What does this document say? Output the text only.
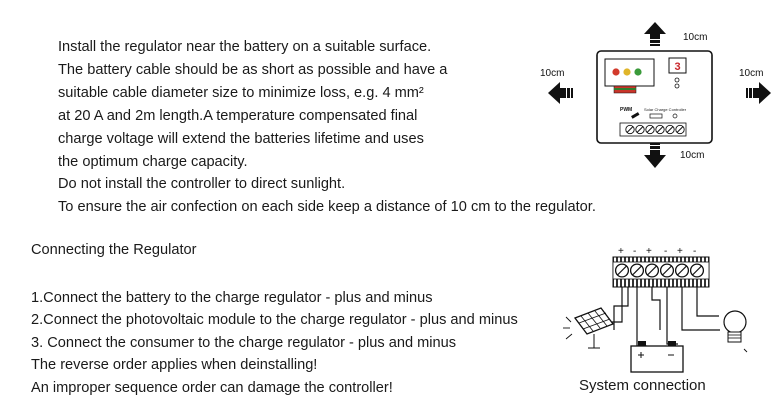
Install the regulator near the battery on a suitable surface.
The battery cable should be as short as possible and have a
suitable cable diameter size to minimize loss, e.g. 4 mm²
at 20 A and 2m length.A temperature compensated final
charge voltage will extend the batteries lifetime and uses
the optimum charge capacity.
Do not install the controller to direct sunlight.
To ensure the air confection on each side keep a distance of 10 cm to the regulator.
Connecting the Regulator
1.Connect the battery to the charge regulator - plus and minus
2.Connect the photovoltaic module to the charge regulator - plus and minus
3. Connect the consumer to the charge regulator - plus and minus
The reverse order applies when deinstalling!
An improper sequence order can damage the controller!
10cm
10cm	10cm
10cm
3
PWM	Solar Charge Controller
+ - + - + -
System connection
